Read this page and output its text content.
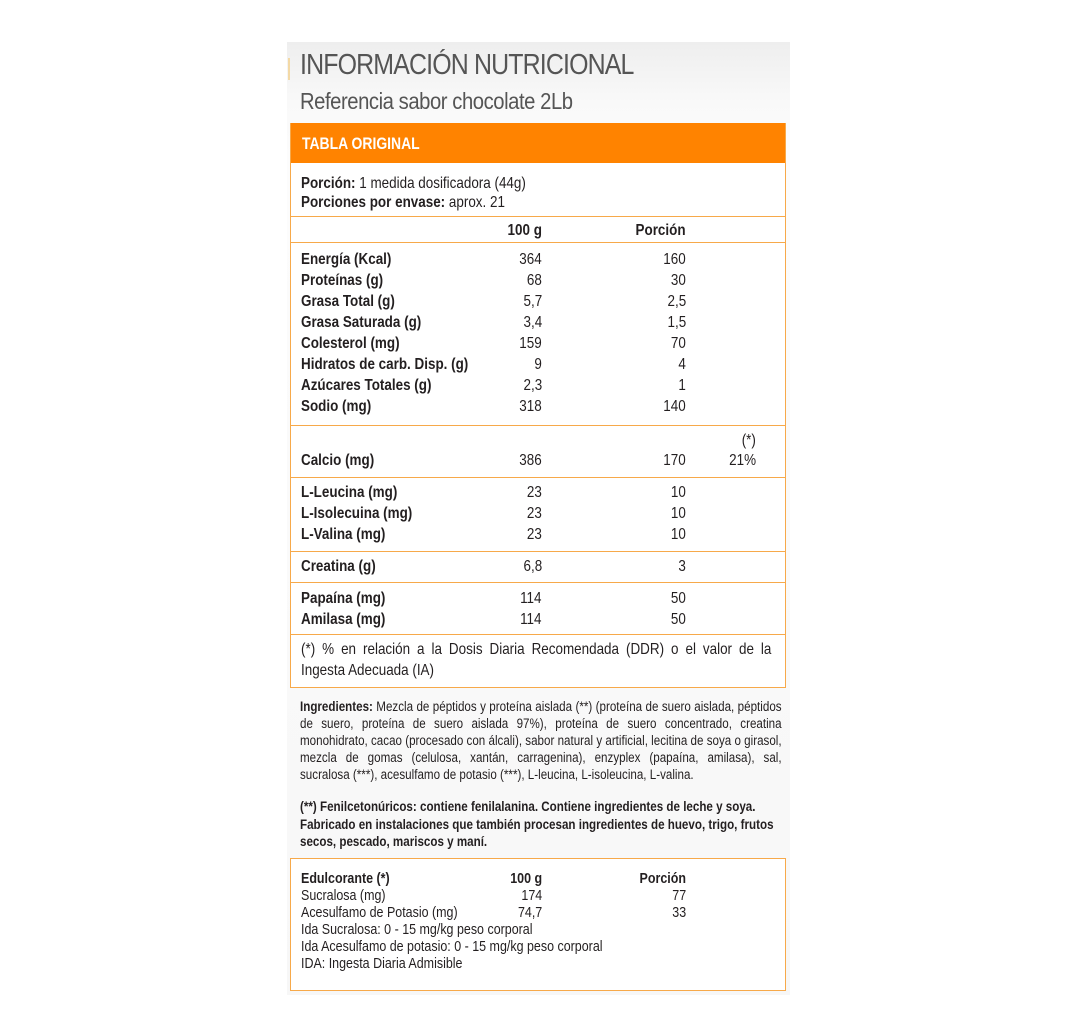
INFORMACIÓN NUTRICIONAL
Referencia sabor chocolate 2Lb
TABLA ORIGINAL
Porción: 1 medida dosificadora (44g)
Porciones por envase: aprox. 21
100 g	Porción
Energía (Kcal)	364	160
Proteínas (g)	68	30
Grasa Total (g)	5,7	2,5
Grasa Saturada (g)	3,4	1,5
Colesterol (mg)	159	70
Hidratos de carb. Disp. (g)	9	4
Azúcares Totales (g)	2,3	1
Sodio (mg)	318	140
(*)
Calcio (mg)	386	170	21%
L-Leucina (mg)	23	10
L-Isolecuina (mg)	23	10
L-Valina (mg)	23	10
Creatina (g)	6,8	3
Papaína (mg)	114	50
Amilasa (mg)	114	50
(*) % en relación a la Dosis Diaria Recomendada (DDR) o el valor de la Ingesta Adecuada (IA)
Ingredientes: Mezcla de péptidos y proteína aislada (**) (proteína de suero aislada, péptidos de suero, proteína de suero aislada 97%), proteína de suero concentrado, creatina monohidrato, cacao (procesado con álcali), sabor natural y artificial, lecitina de soya o girasol, mezcla de gomas (celulosa, xantán, carragenina), enzyplex (papaína, amilasa), sal, sucralosa (***), acesulfamo de potasio (***), L-leucina, L-isoleucina, L-valina.
(**) Fenilcetonúricos: contiene fenilalanina. Contiene ingredientes de leche y soya. Fabricado en instalaciones que también procesan ingredientes de huevo, trigo, frutos secos, pescado, mariscos y maní.
Edulcorante (*)	100 g	Porción
Sucralosa (mg)	174	77
Acesulfamo de Potasio (mg)	74,7	33
Ida Sucralosa: 0 - 15 mg/kg peso corporal
Ida Acesulfamo de potasio: 0 - 15 mg/kg peso corporal
IDA: Ingesta Diaria Admisible
